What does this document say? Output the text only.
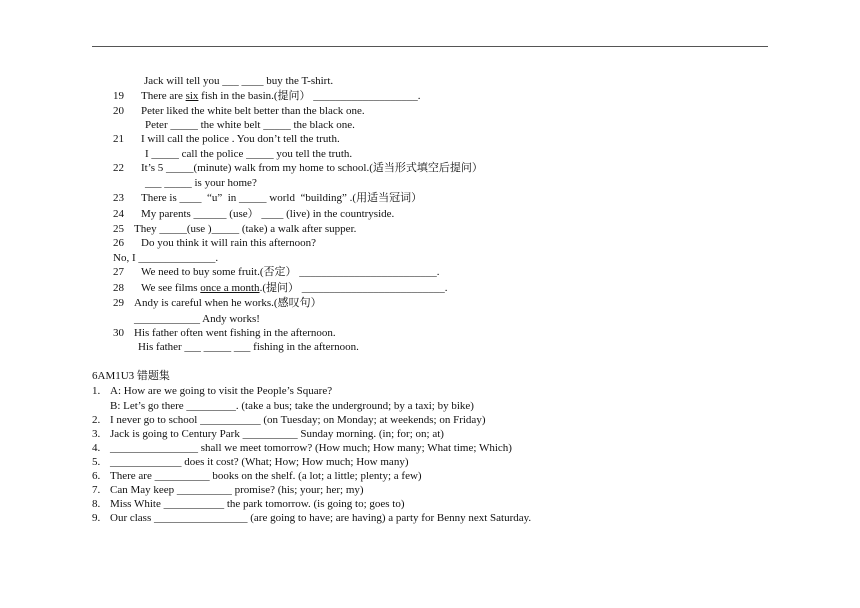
Jack will tell you ___ ____ buy the T-shirt.
19 There are six fish in the basin.(提问） ___________________.
20 Peter liked the white belt better than the black one.
Peter _____ the white belt _____ the black one.
21 I will call the police . You don’t tell the truth.
I _____ call the police _____ you tell the truth.
22 It’s 5 _____(minute) walk from my home to school.(适当形式填空后提问）
___ _____ is your home?
23 There is ____  “u”  in _____ world  “building” .(用适当冠词）
24 My parents ______ (use） ____ (live) in the countryside.
25 They _____(use )_____ (take) a walk after supper.
26 Do you think it will rain this afternoon?
No, I ______________.
27 We need to buy some fruit.(否定） _________________________.
28 We see films once a month.(提问） __________________________.
29 Andy is careful when he works.(感叹句）
____________ Andy works!
30 His father often went fishing in the afternoon.
His father ___ _____ ___ fishing in the afternoon.
6AM1U3 错题集
1. A: How are we going to visit the People’s Square?
B: Let’s go there _________. (take a bus; take the underground; by a taxi; by bike)
2. I never go to school ___________ (on Tuesday; on Monday; at weekends; on Friday)
3. Jack is going to Century Park __________ Sunday morning. (in; for; on; at)
4. ________________ shall we meet tomorrow? (How much; How many; What time; Which)
5. _____________ does it cost? (What; How; How much; How many)
6. There are __________ books on the shelf. (a lot; a little; plenty; a few)
7. Can May keep __________ promise? (his; your; her; my)
8. Miss White ___________ the park tomorrow. (is going to; goes to)
9. Our class _________________ (are going to have; are having) a party for Benny next Saturday.
